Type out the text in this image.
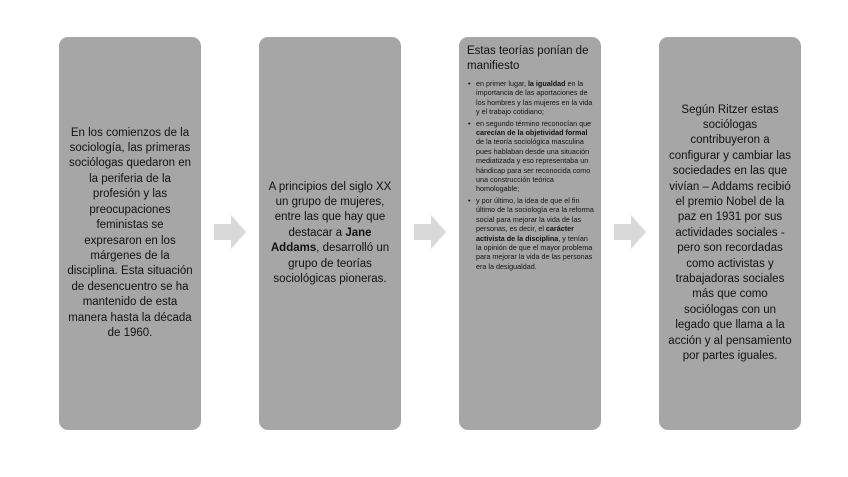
En los comienzos de la sociología, las primeras sociólogas quedaron en la periferia de la profesión y las preocupaciones feministas se expresaron en los márgenes de la disciplina. Esta situación de desencuentro se ha mantenido de esta manera hasta la década de 1960.
A principios del siglo XX un grupo de mujeres, entre las que hay que destacar a Jane Addams, desarrolló un grupo de teorías sociológicas pioneras.
Estas teorías ponían de manifiesto
• en primer lugar, la igualdad en la importancia de las aportaciones de los hombres y las mujeres en la vida y el trabajo cotidiano;
• en segundo término reconocían que carecían de la objetividad formal de la teoría sociológica masculina pues hablaban desde una situación mediatizada y eso representaba un hándicap para ser reconocida como una construcción teórica homologable;
• y por último, la idea de que el fin último de la sociología era la reforma social para mejorar la vida de las personas, es decir, el carácter activista de la disciplina, y tenían la opinión de que el mayor problema para mejorar la vida de las personas era la desigualdad.
Según Ritzer estas sociólogas contribuyeron a configurar y cambiar las sociedades en las que vivían – Addams recibió el premio Nobel de la paz en 1931 por sus actividades sociales - pero son recordadas como activistas y trabajadoras sociales más que como sociólogas con un legado que llama a la acción y al pensamiento por partes iguales.
